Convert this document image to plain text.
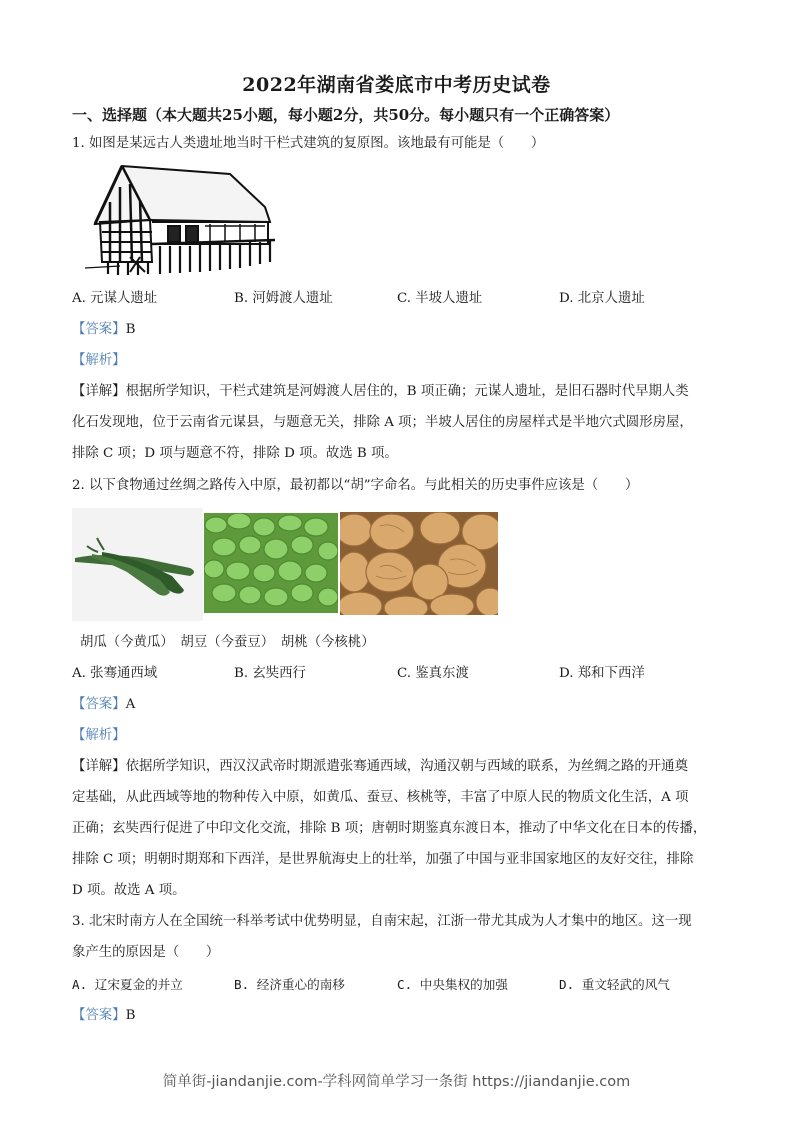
2022年湖南省娄底市中考历史试卷
一、选择题（本大题共25小题，每小题2分，共50分。每小题只有一个正确答案）
1. 如图是某远古人类遗址地当时干栏式建筑的复原图。该地最有可能是（　　）
A. 元谋人遗址	B. 河姆渡人遗址	C. 半坡人遗址	D. 北京人遗址
【答案】B
【解析】
【详解】根据所学知识，干栏式建筑是河姆渡人居住的，B 项正确；元谋人遗址，是旧石器时代早期人类
化石发现地，位于云南省元谋县，与题意无关，排除 A 项；半坡人居住的房屋样式是半地穴式圆形房屋，
排除 C 项；D 项与题意不符，排除 D 项。故选 B 项。
2. 以下食物通过丝绸之路传入中原，最初都以“胡”字命名。与此相关的历史事件应该是（　　）
胡瓜（今黄瓜）　胡豆（今蚕豆）　胡桃（今核桃）
A. 张骞通西域	B. 玄奘西行	C. 鉴真东渡	D. 郑和下西洋
【答案】A
【解析】
【详解】依据所学知识，西汉汉武帝时期派遣张骞通西域，沟通汉朝与西域的联系，为丝绸之路的开通奠
定基础，从此西域等地的物种传入中原，如黄瓜、蚕豆、核桃等，丰富了中原人民的物质文化生活，A 项
正确；玄奘西行促进了中印文化交流，排除 B 项；唐朝时期鉴真东渡日本，推动了中华文化在日本的传播，
排除 C 项；明朝时期郑和下西洋，是世界航海史上的壮举，加强了中国与亚非国家地区的友好交往，排除
D 项。故选 A 项。
3. 北宋时南方人在全国统一科举考试中优势明显，自南宋起，江浙一带尤其成为人才集中的地区。这一现
象产生的原因是（　　）
A. 辽宋夏金的并立	B. 经济重心的南移	C. 中央集权的加强	D. 重文轻武的风气
【答案】B
简单街-jiandanjie.com-学科网简单学习一条街 https://jiandanjie.com
